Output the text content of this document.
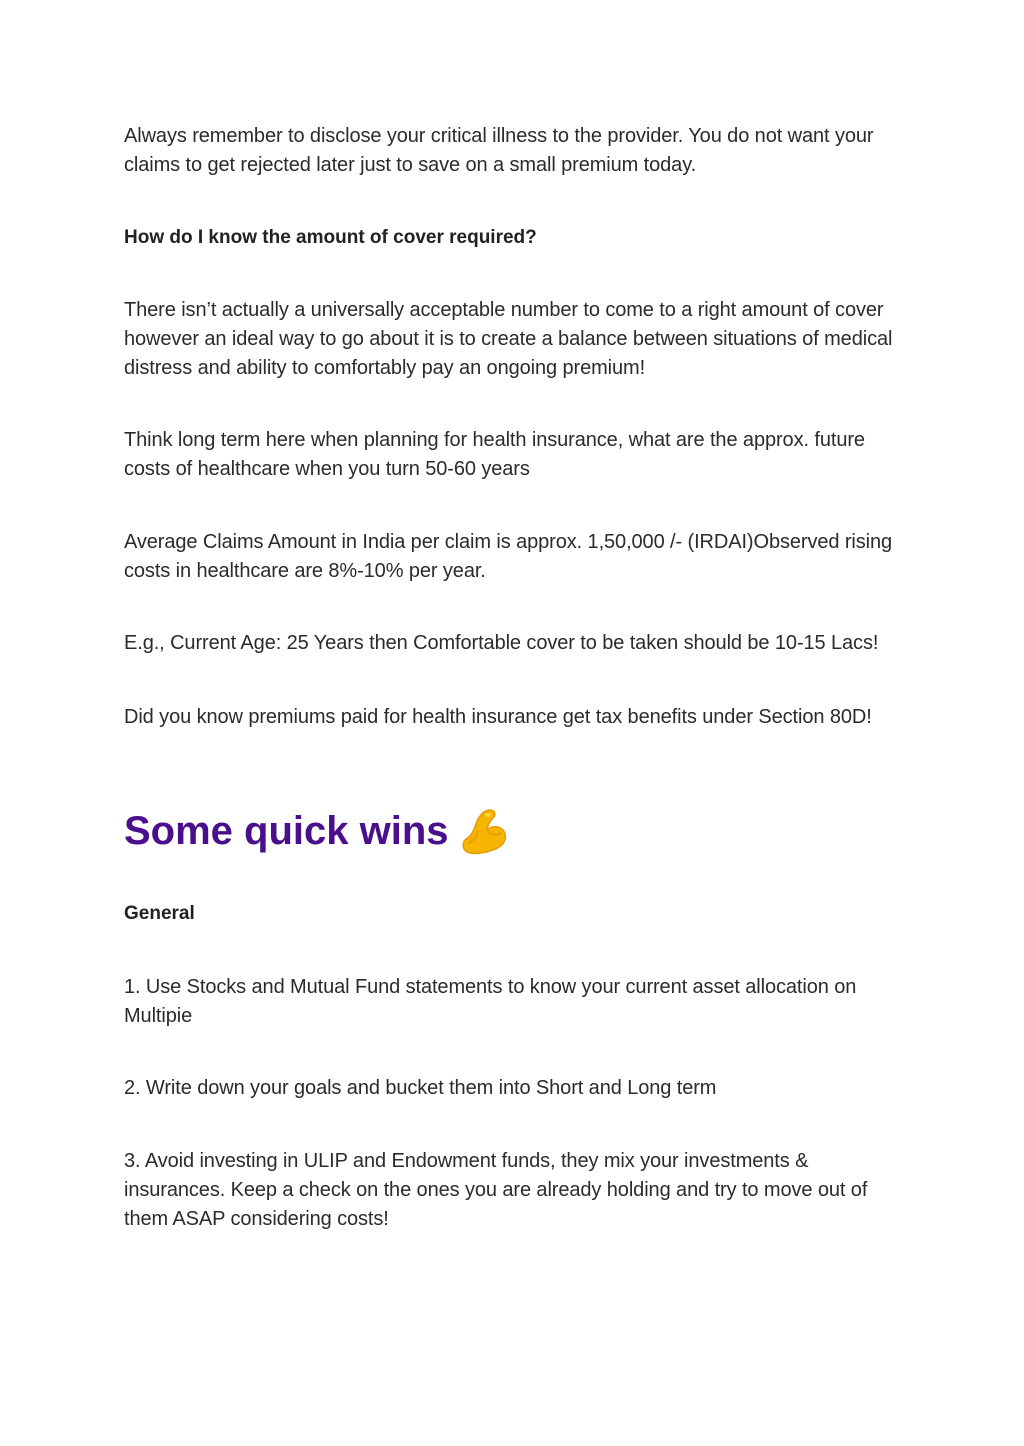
Always remember to disclose your critical illness to the provider. You do not want your claims to get rejected later just to save on a small premium today.

How do I know the amount of cover required?

There isn’t actually a universally acceptable number to come to a right amount of cover however an ideal way to go about it is to create a balance between situations of medical distress and ability to comfortably pay an ongoing premium!

Think long term here when planning for health insurance, what are the approx. future costs of healthcare when you turn 50-60 years

Average Claims Amount in India per claim is approx. 1,50,000 /- (IRDAI)Observed rising costs in healthcare are 8%-10% per year.

E.g., Current Age: 25 Years then Comfortable cover to be taken should be 10-15 Lacs!

Did you know premiums paid for health insurance get tax benefits under Section 80D!

Some quick wins

General

1. Use Stocks and Mutual Fund statements to know your current asset allocation on Multipie

2. Write down your goals and bucket them into Short and Long term

3. Avoid investing in ULIP and Endowment funds, they mix your investments & insurances. Keep a check on the ones you are already holding and try to move out of them ASAP considering costs!
